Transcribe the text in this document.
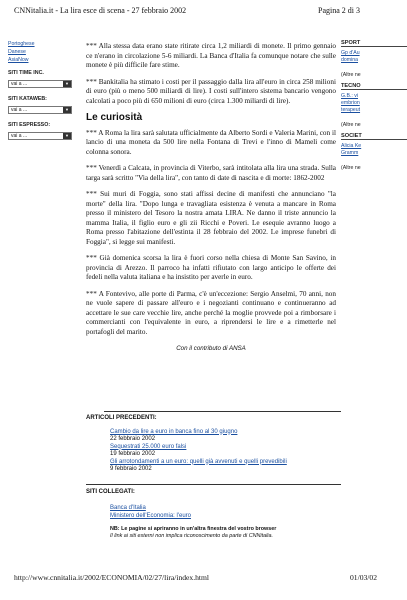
CNNitalia.it - La lira esce di scena - 27 febbraio 2002	Pagina 2 di 3
Portoghese
Danese
AsiaNow
SITI TIME INC.
vai a ...	▼
SITI KATAWEB:
vai a ...	▼
SITI ESPRESSO:
vai a ...	▼
SPORT
Gp d'Au
domina
(Altre ne
TECNO
G.B.: vi
embrion
terapeut
(Altre ne
SOCIET
Alicia Ke
Gramm
(Altre ne

*** Alla stessa data erano state ritirate circa 1,2 miliardi di monete. Il primo gennaio ce n'erano in circolazione 5-6 miliardi. La Banca d'Italia fa comunque notare che sulle monete è più difficile fare stime.

*** Bankitalia ha stimato i costi per il passaggio dalla lira all'euro in circa 258 milioni di euro (più o meno 500 miliardi di lire). I costi sull'intero sistema bancario vengono calcolati a poco più di 650 milioni di euro (circa 1.300 miliardi di lire).

Le curiosità

*** A Roma la lira sarà salutata ufficialmente da Alberto Sordi e Valeria Marini, con il lancio di una moneta da 500 lire nella Fontana di Trevi e l'inno di Mameli come colonna sonora.

*** Venerdì a Calcata, in provincia di Viterbo, sarà intitolata alla lira una strada. Sulla targa sarà scritto "Via della lira", con tanto di date di nascita e di morte: 1862-2002

*** Sui muri di Foggia, sono stati affissi decine di manifesti che annunciano "la morte" della lira. "Dopo lunga e travagliata esistenza è venuta a mancare in Roma presso il ministero del Tesoro la nostra amata LIRA. Ne danno il triste annuncio la mamma Italia, il figlio euro e gli zii Ricchi e Poveri. Le esequie avranno luogo a Roma presso l'abitazione dell'estinta il 28 febbraio del 2002. Le imprese funebri di Foggia", si legge sui manifesti.

*** Già domenica scorsa la lira è fuori corso nella chiesa di Monte San Savino, in provincia di Arezzo. Il parroco ha infatti rifiutato con largo anticipo le offerte dei fedeli nella valuta italiana e ha insistito per averle in euro.

*** A Fontevivo, alle porte di Parma, c'è un'eccezione: Sergio Anselmi, 70 anni, non ne vuole sapere di passare all'euro e i negozianti continuano e continueranno ad accettare le sue care vecchie lire, anche perché la moglie provvede poi a rimborsare i commercianti con l'equivalente in euro, a riprendersi le lire e a rimetterle nel portafogli del marito.

Con il contributo di ANSA
ARTICOLI PRECEDENTI:
Cambio da lire a euro in banca fino al 30 giugno
22 febbraio 2002
Sequestrati 25.000 euro falsi
19 febbraio 2002
Gli arrotondamenti a un euro: quelli già avvenuti e quelli prevedibili
9 febbraio 2002
SITI COLLEGATI:
Banca d'Italia
Ministero dell'Economia: l'euro
NB: Le pagine si apriranno in un'altra finestra del vostro browser
Il link ai siti esterni non implica riconoscimento da parte di CNNitalia.
http://www.cnnitalia.it/2002/ECONOMIA/02/27/lira/index.html	01/03/02
